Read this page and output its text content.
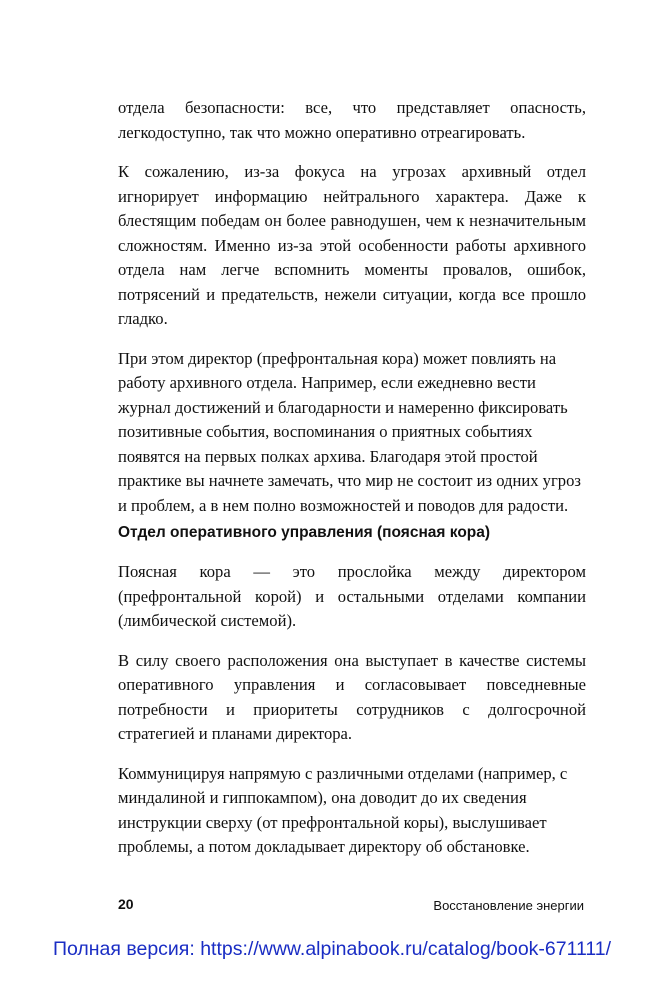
отдела безопасности: все, что представляет опасность, легкодоступно, так что можно оперативно отреагировать.

К сожалению, из-за фокуса на угрозах архивный отдел игнорирует информацию нейтрального характера. Даже к блестящим победам он более равнодушен, чем к незначительным сложностям. Именно из-за этой особенности работы архивного отдела нам легче вспомнить моменты провалов, ошибок, потрясений и предательств, нежели ситуации, когда все прошло гладко.

При этом директор (префронтальная кора) может повлиять на работу архивного отдела. Например, если ежедневно вести журнал достижений и благодарности и намеренно фиксировать позитивные события, воспоминания о приятных событиях появятся на первых полках архива. Благодаря этой простой практике вы начнете замечать, что мир не состоит из одних угроз и проблем, а в нем полно возможностей и поводов для радости.

Отдел оперативного управления (поясная кора)

Поясная кора — это прослойка между директором (префронтальной корой) и остальными отделами компании (лимбической системой).

В силу своего расположения она выступает в качестве системы оперативного управления и согласовывает повседневные потребности и приоритеты сотрудников с долгосрочной стратегией и планами директора.

Коммуницируя напрямую с различными отделами (например, с миндалиной и гиппокампом), она доводит до их сведения инструкции сверху (от префронтальной коры), выслушивает проблемы, а потом докладывает директору об обстановке.

20	Восстановление энергии
Полная версия: https://www.alpinabook.ru/catalog/book-671111/
